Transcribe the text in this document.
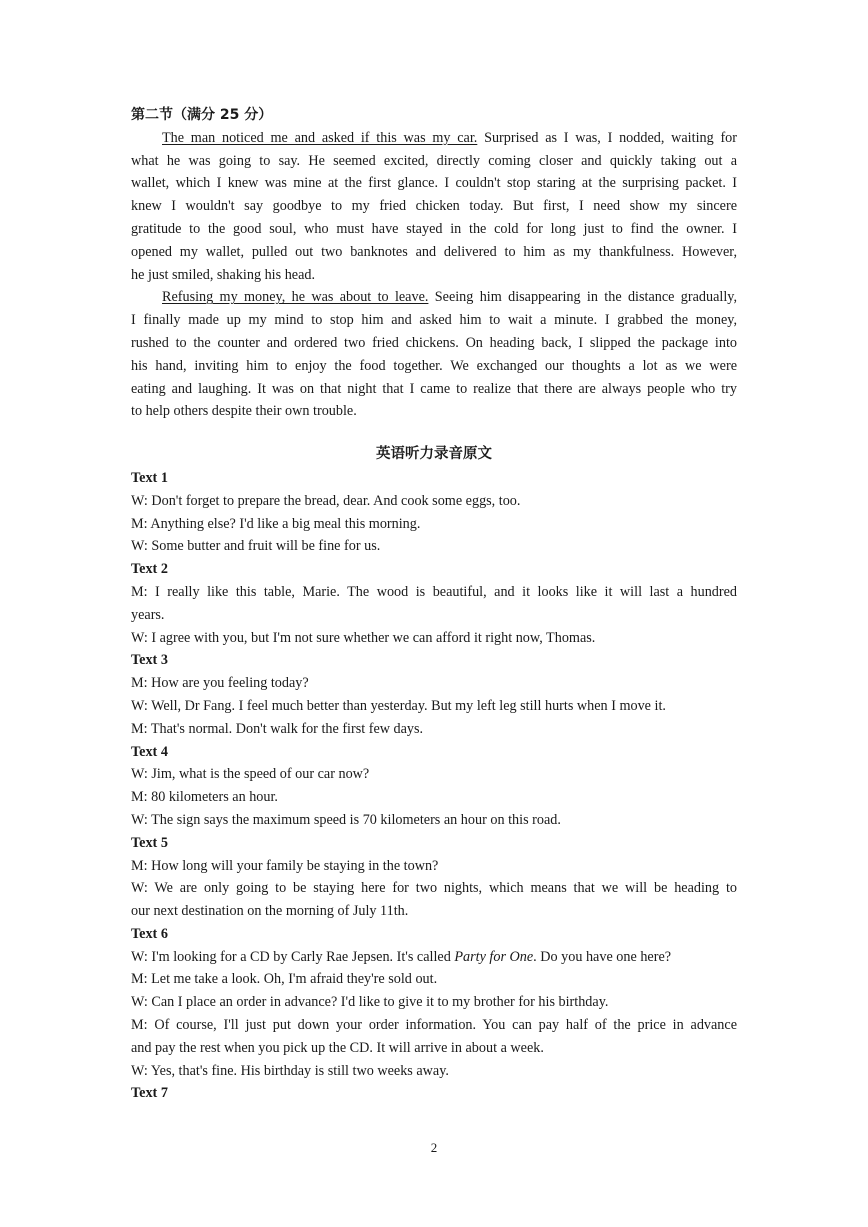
第二节（满分 25 分）
The man noticed me and asked if this was my car. Surprised as I was, I nodded, waiting for
what he was going to say. He seemed excited, directly coming closer and quickly taking out a
wallet, which I knew was mine at the first glance. I couldn't stop staring at the surprising packet. I
knew I wouldn't say goodbye to my fried chicken today. But first, I need show my sincere
gratitude to the good soul, who must have stayed in the cold for long just to find the owner. I
opened my wallet, pulled out two banknotes and delivered to him as my thankfulness. However,
he just smiled, shaking his head.
Refusing my money, he was about to leave. Seeing him disappearing in the distance gradually,
I finally made up my mind to stop him and asked him to wait a minute. I grabbed the money,
rushed to the counter and ordered two fried chickens. On heading back, I slipped the package into
his hand, inviting him to enjoy the food together. We exchanged our thoughts a lot as we were
eating and laughing. It was on that night that I came to realize that there are always people who try
to help others despite their own trouble.
英语听力录音原文
Text 1
W: Don't forget to prepare the bread, dear. And cook some eggs, too.
M: Anything else? I'd like a big meal this morning.
W: Some butter and fruit will be fine for us.
Text 2
M: I really like this table, Marie. The wood is beautiful, and it looks like it will last a hundred
years.
W: I agree with you, but I'm not sure whether we can afford it right now, Thomas.
Text 3
M: How are you feeling today?
W: Well, Dr Fang. I feel much better than yesterday. But my left leg still hurts when I move it.
M: That's normal. Don't walk for the first few days.
Text 4
W: Jim, what is the speed of our car now?
M: 80 kilometers an hour.
W: The sign says the maximum speed is 70 kilometers an hour on this road.
Text 5
M: How long will your family be staying in the town?
W: We are only going to be staying here for two nights, which means that we will be heading to
our next destination on the morning of July 11th.
Text 6
W: I'm looking for a CD by Carly Rae Jepsen. It's called Party for One. Do you have one here?
M: Let me take a look. Oh, I'm afraid they're sold out.
W: Can I place an order in advance? I'd like to give it to my brother for his birthday.
M: Of course, I'll just put down your order information. You can pay half of the price in advance
and pay the rest when you pick up the CD. It will arrive in about a week.
W: Yes, that's fine. His birthday is still two weeks away.
Text 7
2
